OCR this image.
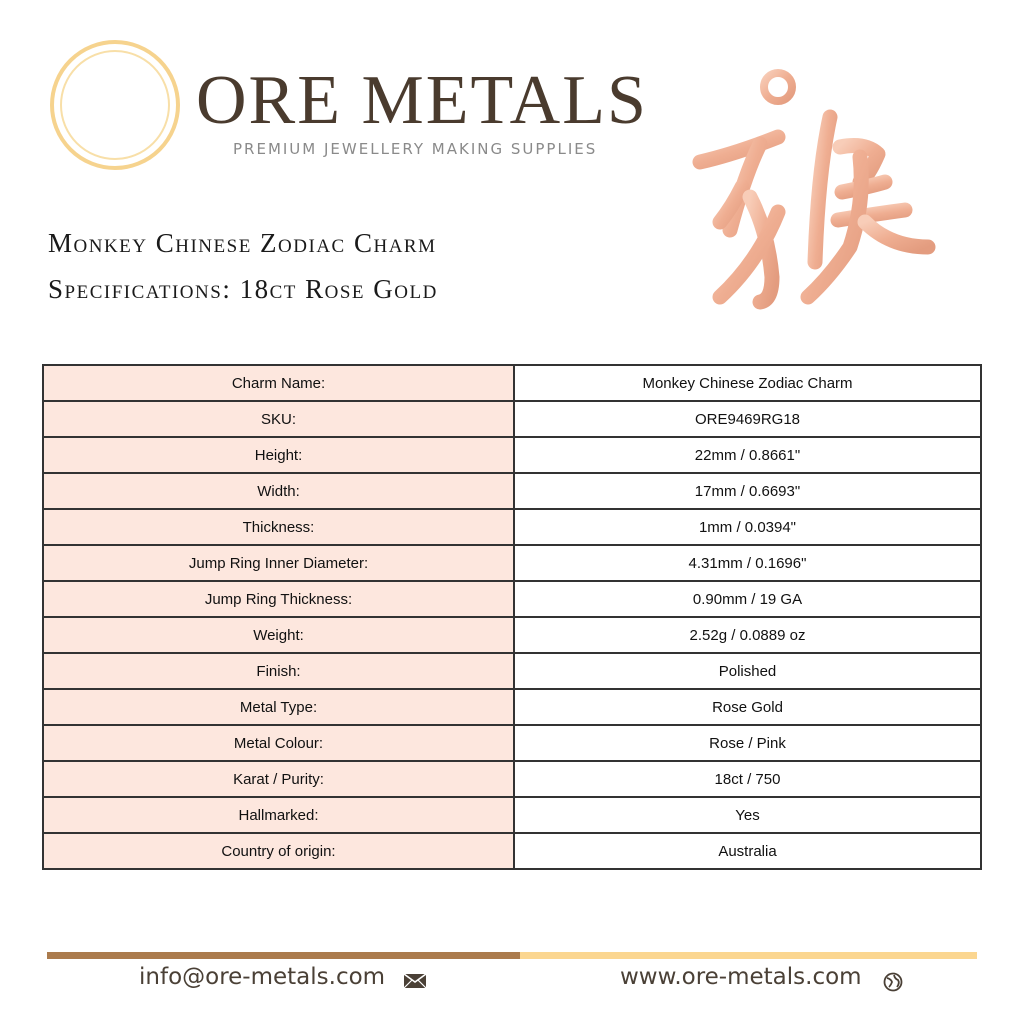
ORE METALS
PREMIUM JEWELLERY MAKING SUPPLIES
Monkey Chinese Zodiac Charm
Specifications: 18ct Rose Gold
Charm Name:	Monkey Chinese Zodiac Charm
SKU:	ORE9469RG18
Height:	22mm / 0.8661"
Width:	17mm / 0.6693"
Thickness:	1mm / 0.0394"
Jump Ring Inner Diameter:	4.31mm / 0.1696"
Jump Ring Thickness:	0.90mm / 19 GA
Weight:	2.52g / 0.0889 oz
Finish:	Polished
Metal Type:	Rose Gold
Metal Colour:	Rose / Pink
Karat / Purity:	18ct / 750
Hallmarked:	Yes
Country of origin:	Australia
info@ore-metals.com	www.ore-metals.com
